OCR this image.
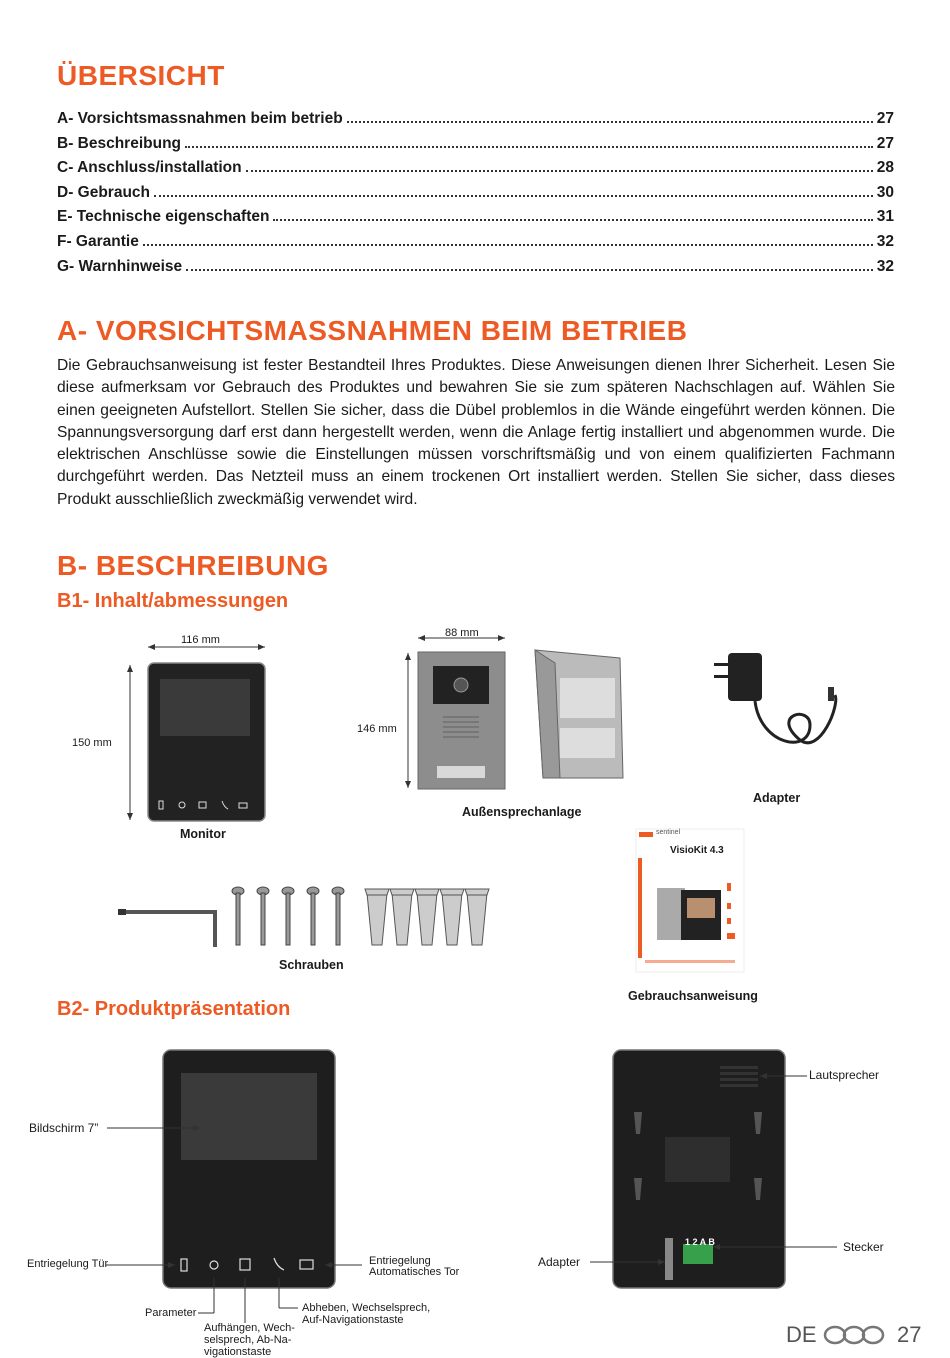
ÜBERSICHT
A- Vorsichtsmassnahmen beim betrieb	27
B- Beschreibung	27
C- Anschluss/installation	28
D- Gebrauch	30
E- Technische eigenschaften	31
F- Garantie	32
G- Warnhinweise	32
A- VORSICHTSMASSNAHMEN BEIM BETRIEB
Die Gebrauchsanweisung ist fester Bestandteil Ihres Produktes. Diese Anweisungen dienen Ihrer Sicherheit. Lesen Sie diese aufmerksam vor Gebrauch des Produktes und bewahren Sie sie zum späteren Nachschlagen auf. Wählen Sie einen geeigneten Aufstellort. Stellen Sie sicher, dass die Dübel problemlos in die Wände eingeführt werden können. Die Spannungsversorgung darf erst dann hergestellt werden, wenn die Anlage fertig installiert und abgenommen wurde. Die elektrischen Anschlüsse sowie die Einstellungen müssen vorschriftsmäßig und von einem qualifizierten Fachmann durchgeführt werden. Das Netzteil muss an einem trockenen Ort installiert werden. Stellen Sie sicher, dass dieses Produkt ausschließlich zweckmäßig verwendet wird.
B- BESCHREIBUNG
B1- Inhalt/abmessungen
116 mm
150 mm
Monitor
88 mm
146 mm
Außensprechanlage
Adapter
sentinel
VisioKit 4.3
Gebrauchsanweisung
Schrauben
B2- Produktpräsentation
Bildschirm 7”
Entriegelung Tür	Entriegelung
Automatisches Tor
Parameter
Aufhängen, Wech-
selsprech, Ab-Na-
vigationstaste
Abheben, Wechselsprech,
Auf-Navigationstaste
1 2 A B
Lautsprecher
Stecker
Adapter
DE	27
